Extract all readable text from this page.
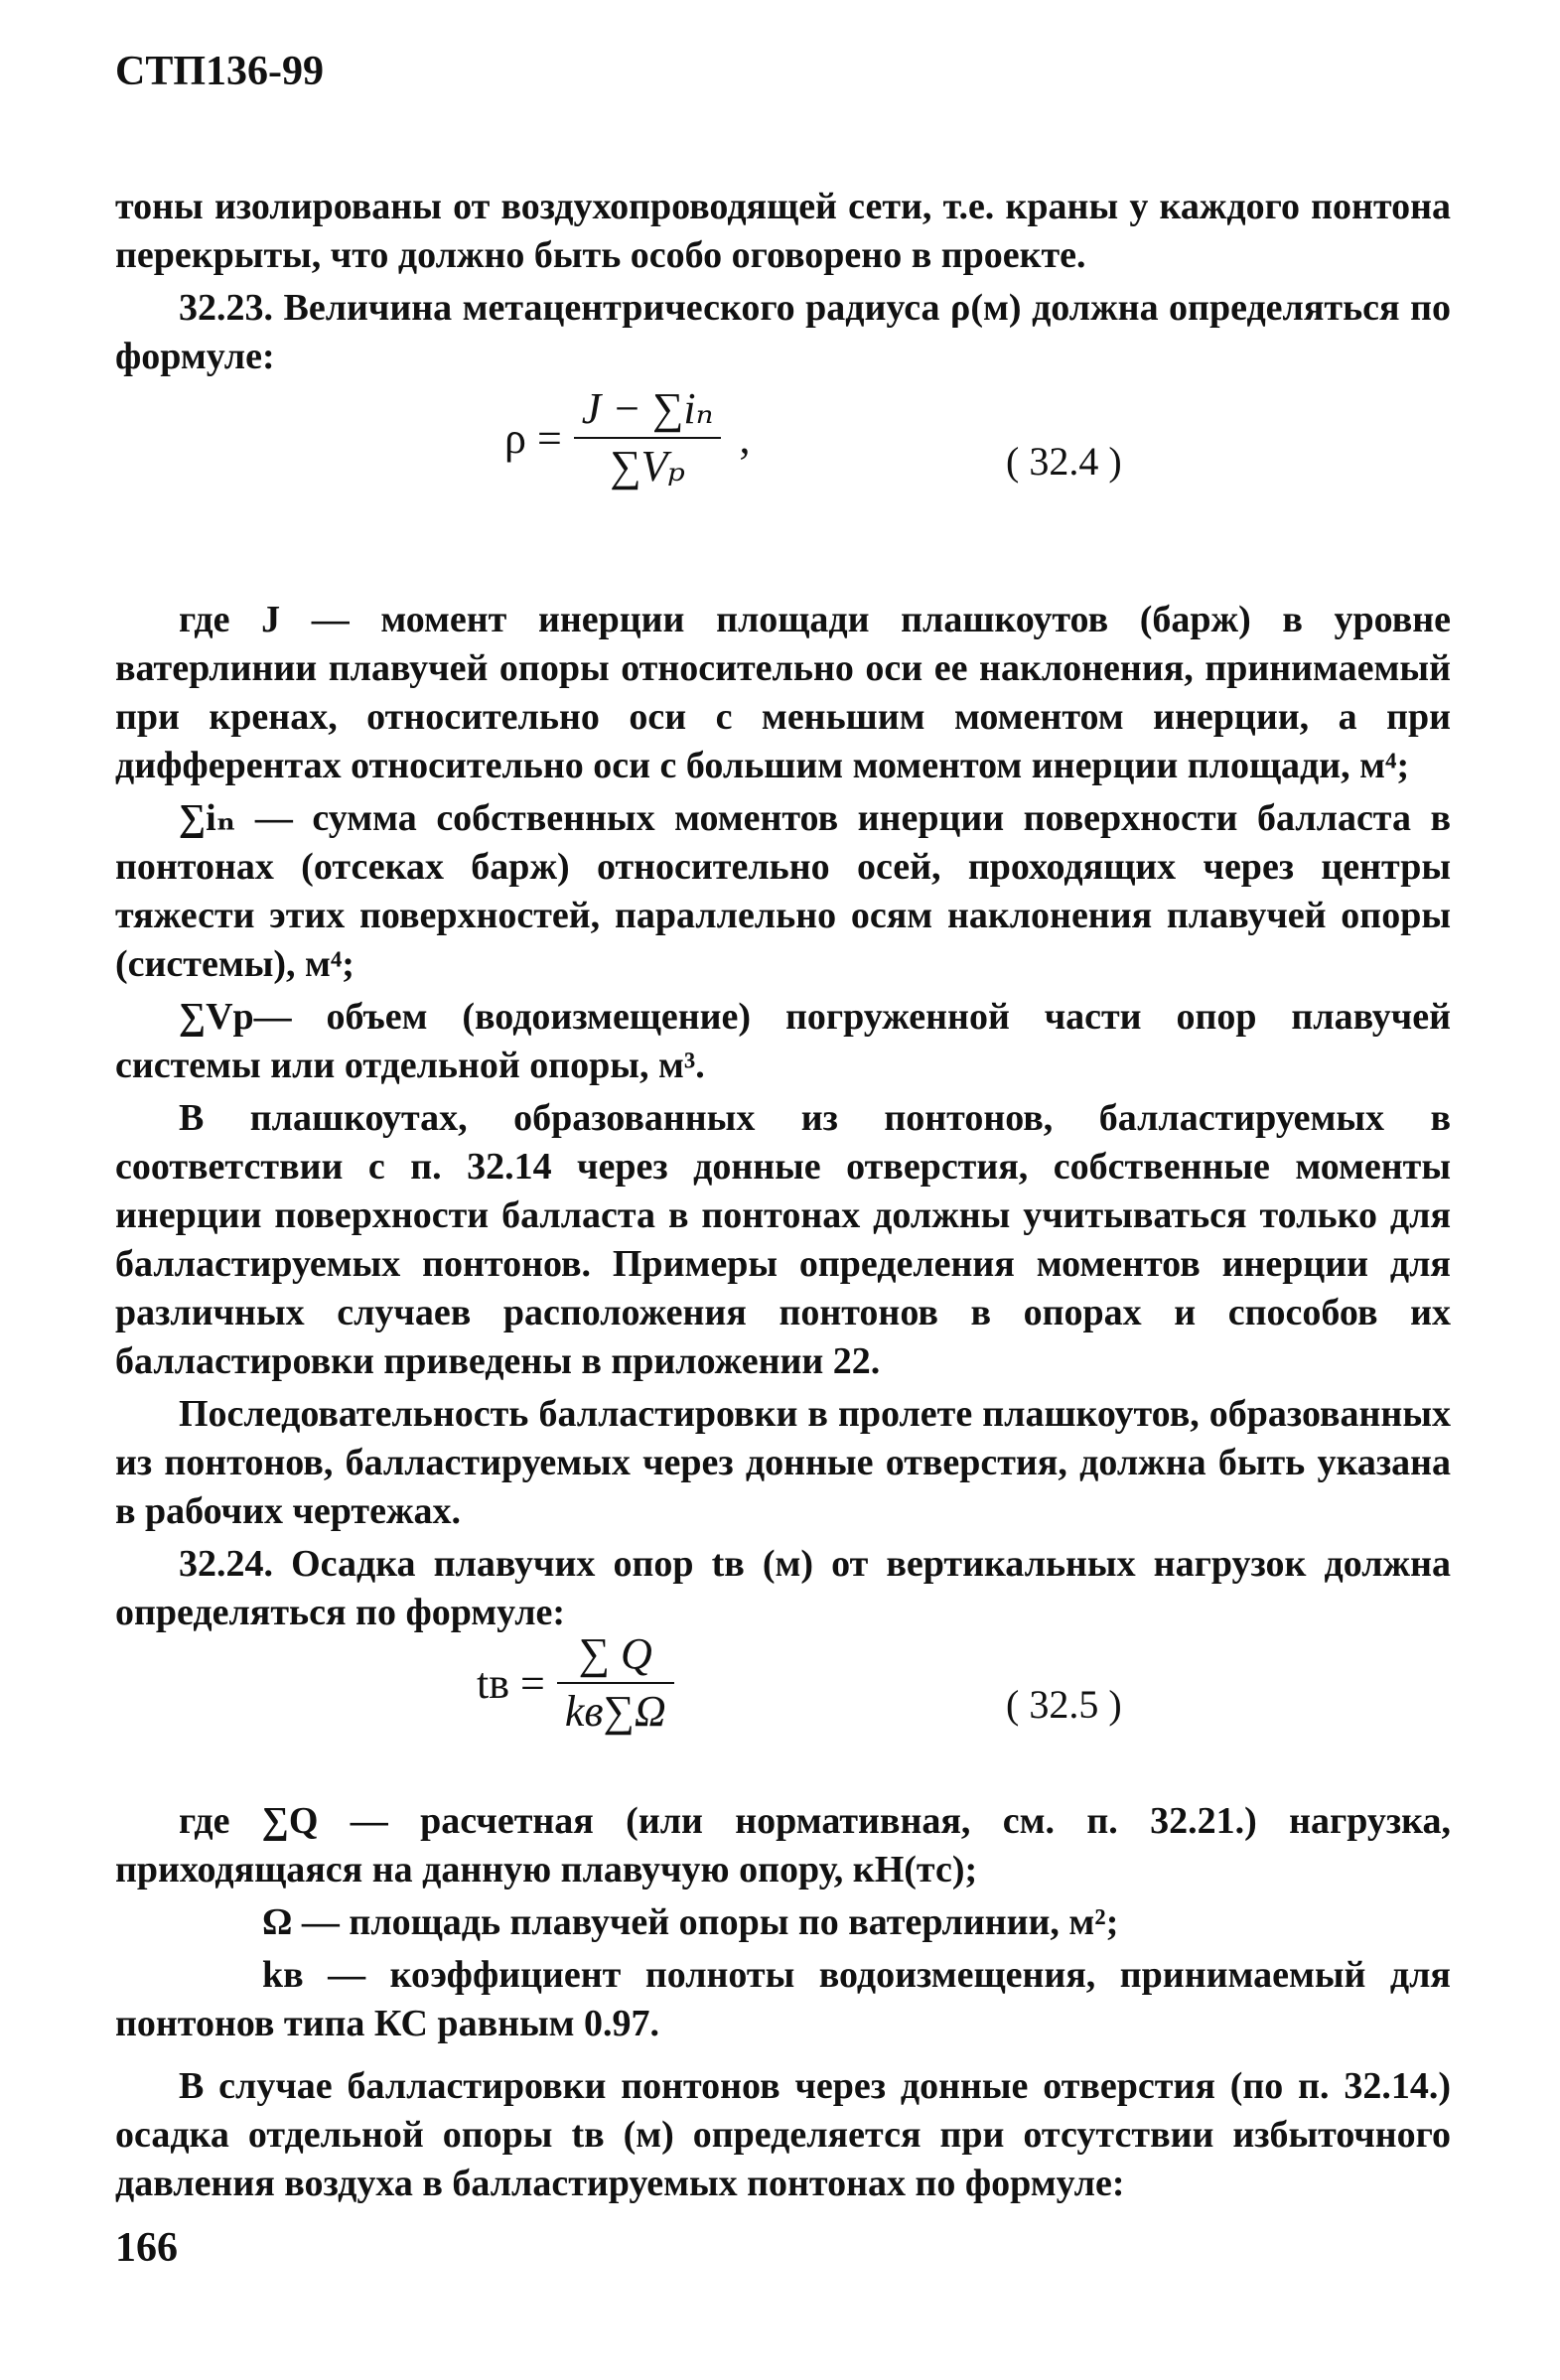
СТП136-99

тоны изолированы от воздухопроводящей сети, т.е. краны у каждого понтона перекрыты, что должно быть особо оговорено в проекте.

32.23. Величина метацентрического радиуса ρ(м) должна определяться по формуле:

$\rho = \frac{\text{J − ∑iₙ}}{\text{∑Vₚ}}$ ,	( 32.4 )

где J — момент инерции площади плашкоутов (барж) в уровне ватерлинии плавучей опоры относительно оси ее наклонения, принимаемый при кренах, относительно оси с меньшим моментом инерции, а при дифферентах относительно оси с большим моментом инерции площади, м⁴;

∑iₙ — сумма собственных моментов инерции поверхности балласта в понтонах (отсеках барж) относительно осей, проходящих через центры тяжести этих поверхностей, параллельно осям наклонения плавучей опоры (системы), м⁴;

∑Vp— объем (водоизмещение) погруженной части опор плавучей системы или отдельной опоры, м³.

В плашкоутах, образованных из понтонов, балластируемых в соответствии с п. 32.14 через донные отверстия, собственные моменты инерции поверхности балласта в понтонах должны учитываться только для балластируемых понтонов. Примеры определения моментов инерции для различных случаев расположения понтонов в опорах и способов их балластировки приведены в приложении 22.

Последовательность балластировки в пролете плашкоутов, образованных из понтонов, балластируемых через донные отверстия, должна быть указана в рабочих чертежах.

32.24. Осадка плавучих опор tв (м) от вертикальных нагрузок должна определяться по формуле:

tв = $\frac{\sum Q}{kв\sum\Omega}$	( 32.5 )

где ∑Q — расчетная (или нормативная, см. п. 32.21.) нагрузка, приходящаяся на данную плавучую опору, кН(тс);

Ω — площадь плавучей опоры по ватерлинии, м²;

kв — коэффициент полноты водоизмещения, принимаемый для понтонов типа КС равным 0.97.

В случае балластировки понтонов через донные отверстия (по п. 32.14.) осадка отдельной опоры tв (м) определяется при отсутствии избыточного давления воздуха в балластируемых понтонах по формуле:

166
